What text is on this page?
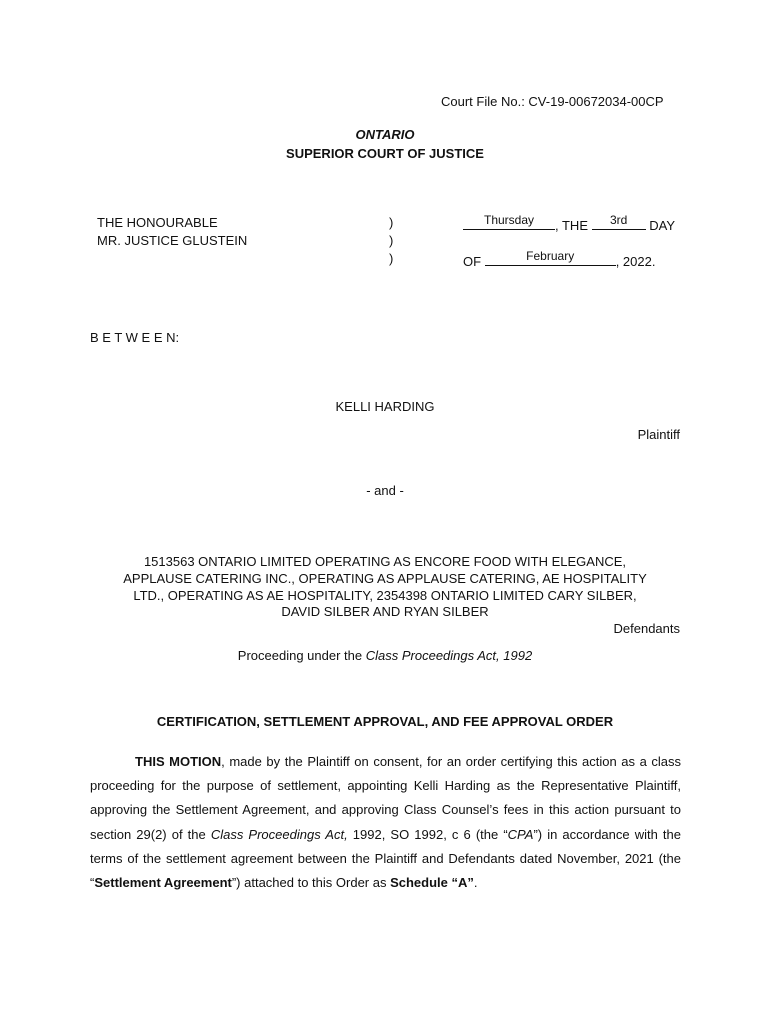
Court File No.: CV-19-00672034-00CP
ONTARIO
SUPERIOR COURT OF JUSTICE
THE HONOURABLE
MR. JUSTICE GLUSTEIN
)
)
)
Thursday	, THE	3rd	DAY
OF	February	, 2022.
B E T W E E N:
KELLI HARDING
Plaintiff
- and -
1513563 ONTARIO LIMITED OPERATING AS ENCORE FOOD WITH ELEGANCE,
APPLAUSE CATERING INC., OPERATING AS APPLAUSE CATERING, AE HOSPITALITY
LTD., OPERATING AS AE HOSPITALITY, 2354398 ONTARIO LIMITED CARY SILBER,
DAVID SILBER AND RYAN SILBER
Defendants
Proceeding under the Class Proceedings Act, 1992
CERTIFICATION, SETTLEMENT APPROVAL, AND FEE APPROVAL ORDER
THIS MOTION, made by the Plaintiff on consent, for an order certifying this action as a class proceeding for the purpose of settlement, appointing Kelli Harding as the Representative Plaintiff, approving the Settlement Agreement, and approving Class Counsel’s fees in this action pursuant to section 29(2) of the Class Proceedings Act, 1992, SO 1992, c 6 (the “CPA”) in accordance with the terms of the settlement agreement between the Plaintiff and Defendants dated November, 2021 (the “Settlement Agreement”) attached to this Order as Schedule “A”.
